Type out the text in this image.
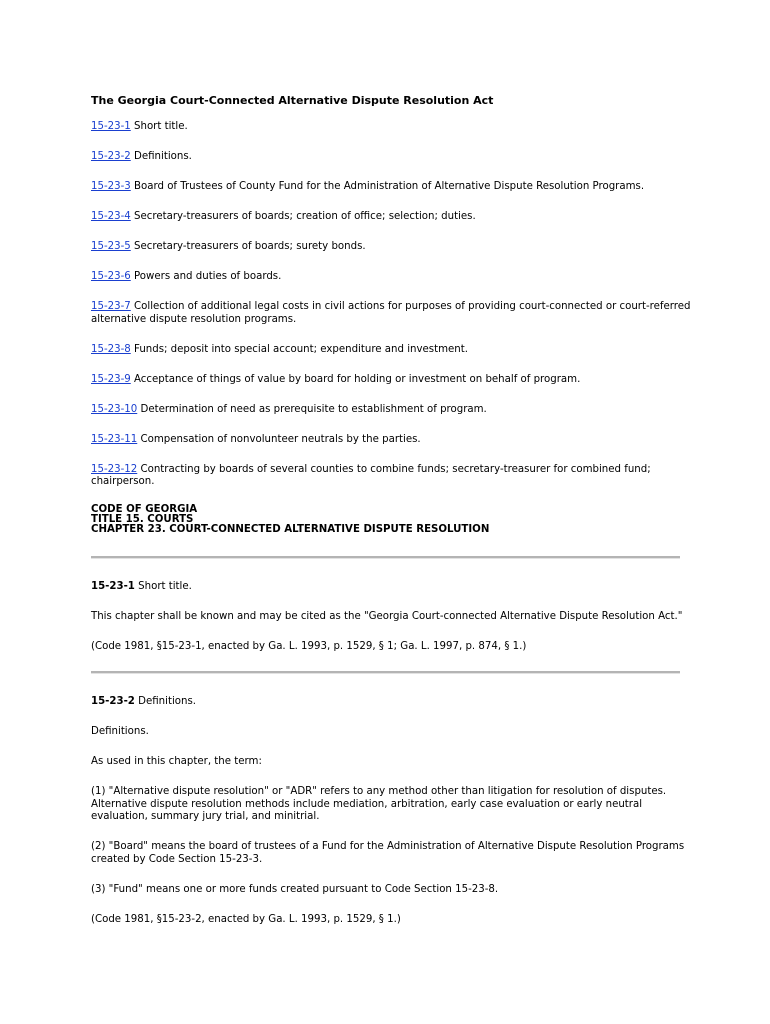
The Georgia Court-Connected Alternative Dispute Resolution Act
15-23-1 Short title.
15-23-2 Definitions.
15-23-3 Board of Trustees of County Fund for the Administration of Alternative Dispute Resolution Programs.
15-23-4 Secretary-treasurers of boards; creation of office; selection; duties.
15-23-5 Secretary-treasurers of boards; surety bonds.
15-23-6 Powers and duties of boards.
15-23-7 Collection of additional legal costs in civil actions for purposes of providing court-connected or court-referred alternative dispute resolution programs.
15-23-8 Funds; deposit into special account; expenditure and investment.
15-23-9 Acceptance of things of value by board for holding or investment on behalf of program.
15-23-10 Determination of need as prerequisite to establishment of program.
15-23-11 Compensation of nonvolunteer neutrals by the parties.
15-23-12 Contracting by boards of several counties to combine funds; secretary-treasurer for combined fund; chairperson.
CODE OF GEORGIA
TITLE 15. COURTS
CHAPTER 23. COURT-CONNECTED ALTERNATIVE DISPUTE RESOLUTION
15-23-1 Short title.
This chapter shall be known and may be cited as the "Georgia Court-connected Alternative Dispute Resolution Act."
(Code 1981, §15-23-1, enacted by Ga. L. 1993, p. 1529, § 1; Ga. L. 1997, p. 874, § 1.)
15-23-2 Definitions.
Definitions.
As used in this chapter, the term:
(1) "Alternative dispute resolution" or "ADR" refers to any method other than litigation for resolution of disputes. Alternative dispute resolution methods include mediation, arbitration, early case evaluation or early neutral evaluation, summary jury trial, and minitrial.
(2) "Board" means the board of trustees of a Fund for the Administration of Alternative Dispute Resolution Programs created by Code Section 15-23-3.
(3) "Fund" means one or more funds created pursuant to Code Section 15-23-8.
(Code 1981, §15-23-2, enacted by Ga. L. 1993, p. 1529, § 1.)
